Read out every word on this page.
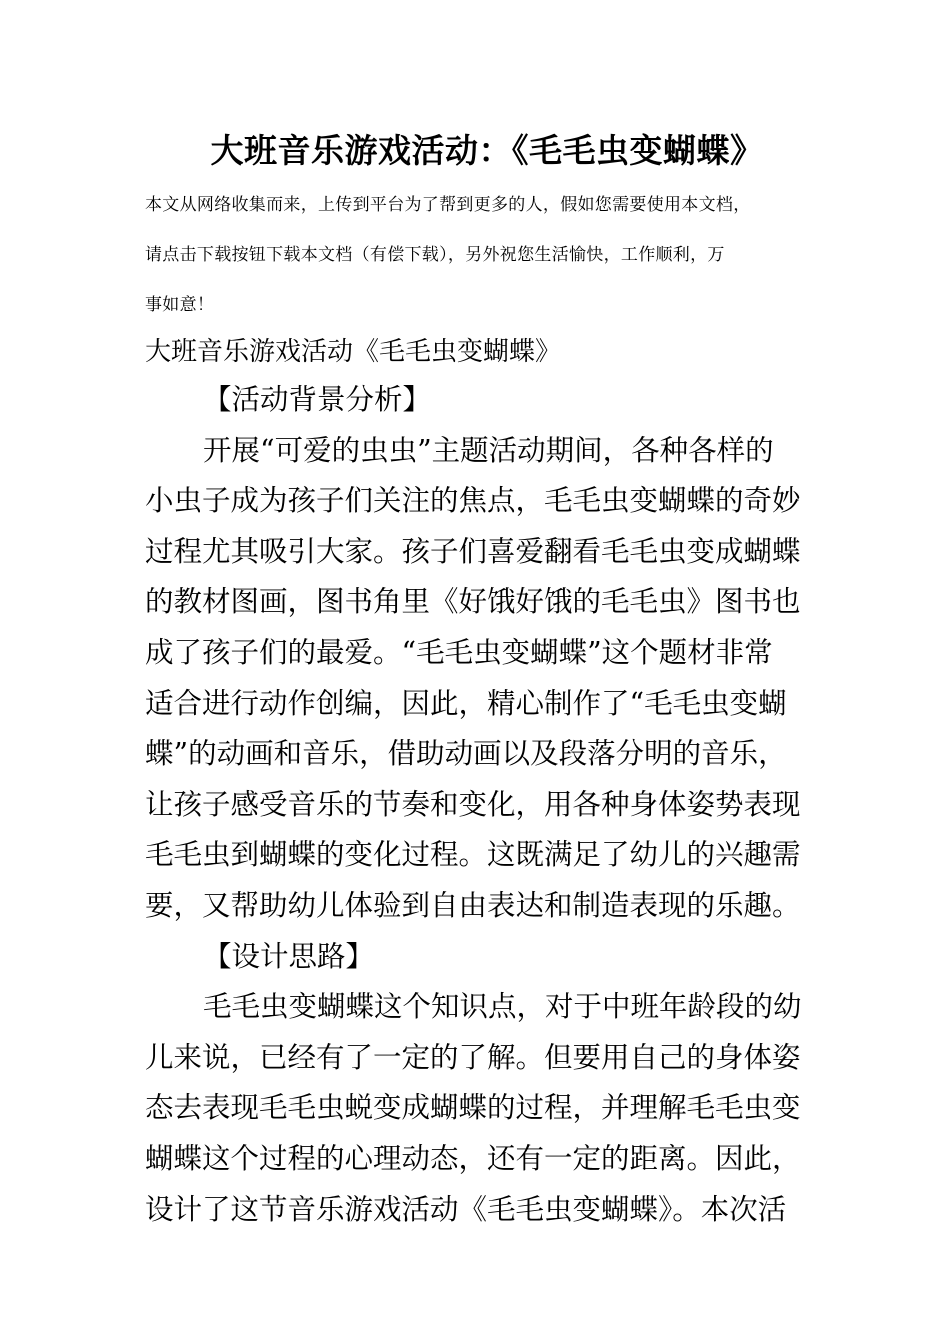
大班音乐游戏活动：《毛毛虫变蝴蝶》
本文从网络收集而来，上传到平台为了帮到更多的人，假如您需要使用本文档，
请点击下载按钮下载本文档（有偿下载），另外祝您生活愉快，工作顺利，万
事如意！
大班音乐游戏活动《毛毛虫变蝴蝶》
【活动背景分析】
开展“可爱的虫虫”主题活动期间，各种各样的
小虫子成为孩子们关注的焦点，毛毛虫变蝴蝶的奇妙
过程尤其吸引大家。孩子们喜爱翻看毛毛虫变成蝴蝶
的教材图画，图书角里《好饿好饿的毛毛虫》图书也
成了孩子们的最爱。“毛毛虫变蝴蝶”这个题材非常
适合进行动作创编，因此，精心制作了“毛毛虫变蝴
蝶”的动画和音乐，借助动画以及段落分明的音乐，
让孩子感受音乐的节奏和变化，用各种身体姿势表现
毛毛虫到蝴蝶的变化过程。这既满足了幼儿的兴趣需
要，又帮助幼儿体验到自由表达和制造表现的乐趣。
【设计思路】
毛毛虫变蝴蝶这个知识点，对于中班年龄段的幼
儿来说，已经有了一定的了解。但要用自己的身体姿
态去表现毛毛虫蜕变成蝴蝶的过程，并理解毛毛虫变
蝴蝶这个过程的心理动态，还有一定的距离。因此，
设计了这节音乐游戏活动《毛毛虫变蝴蝶》。本次活
